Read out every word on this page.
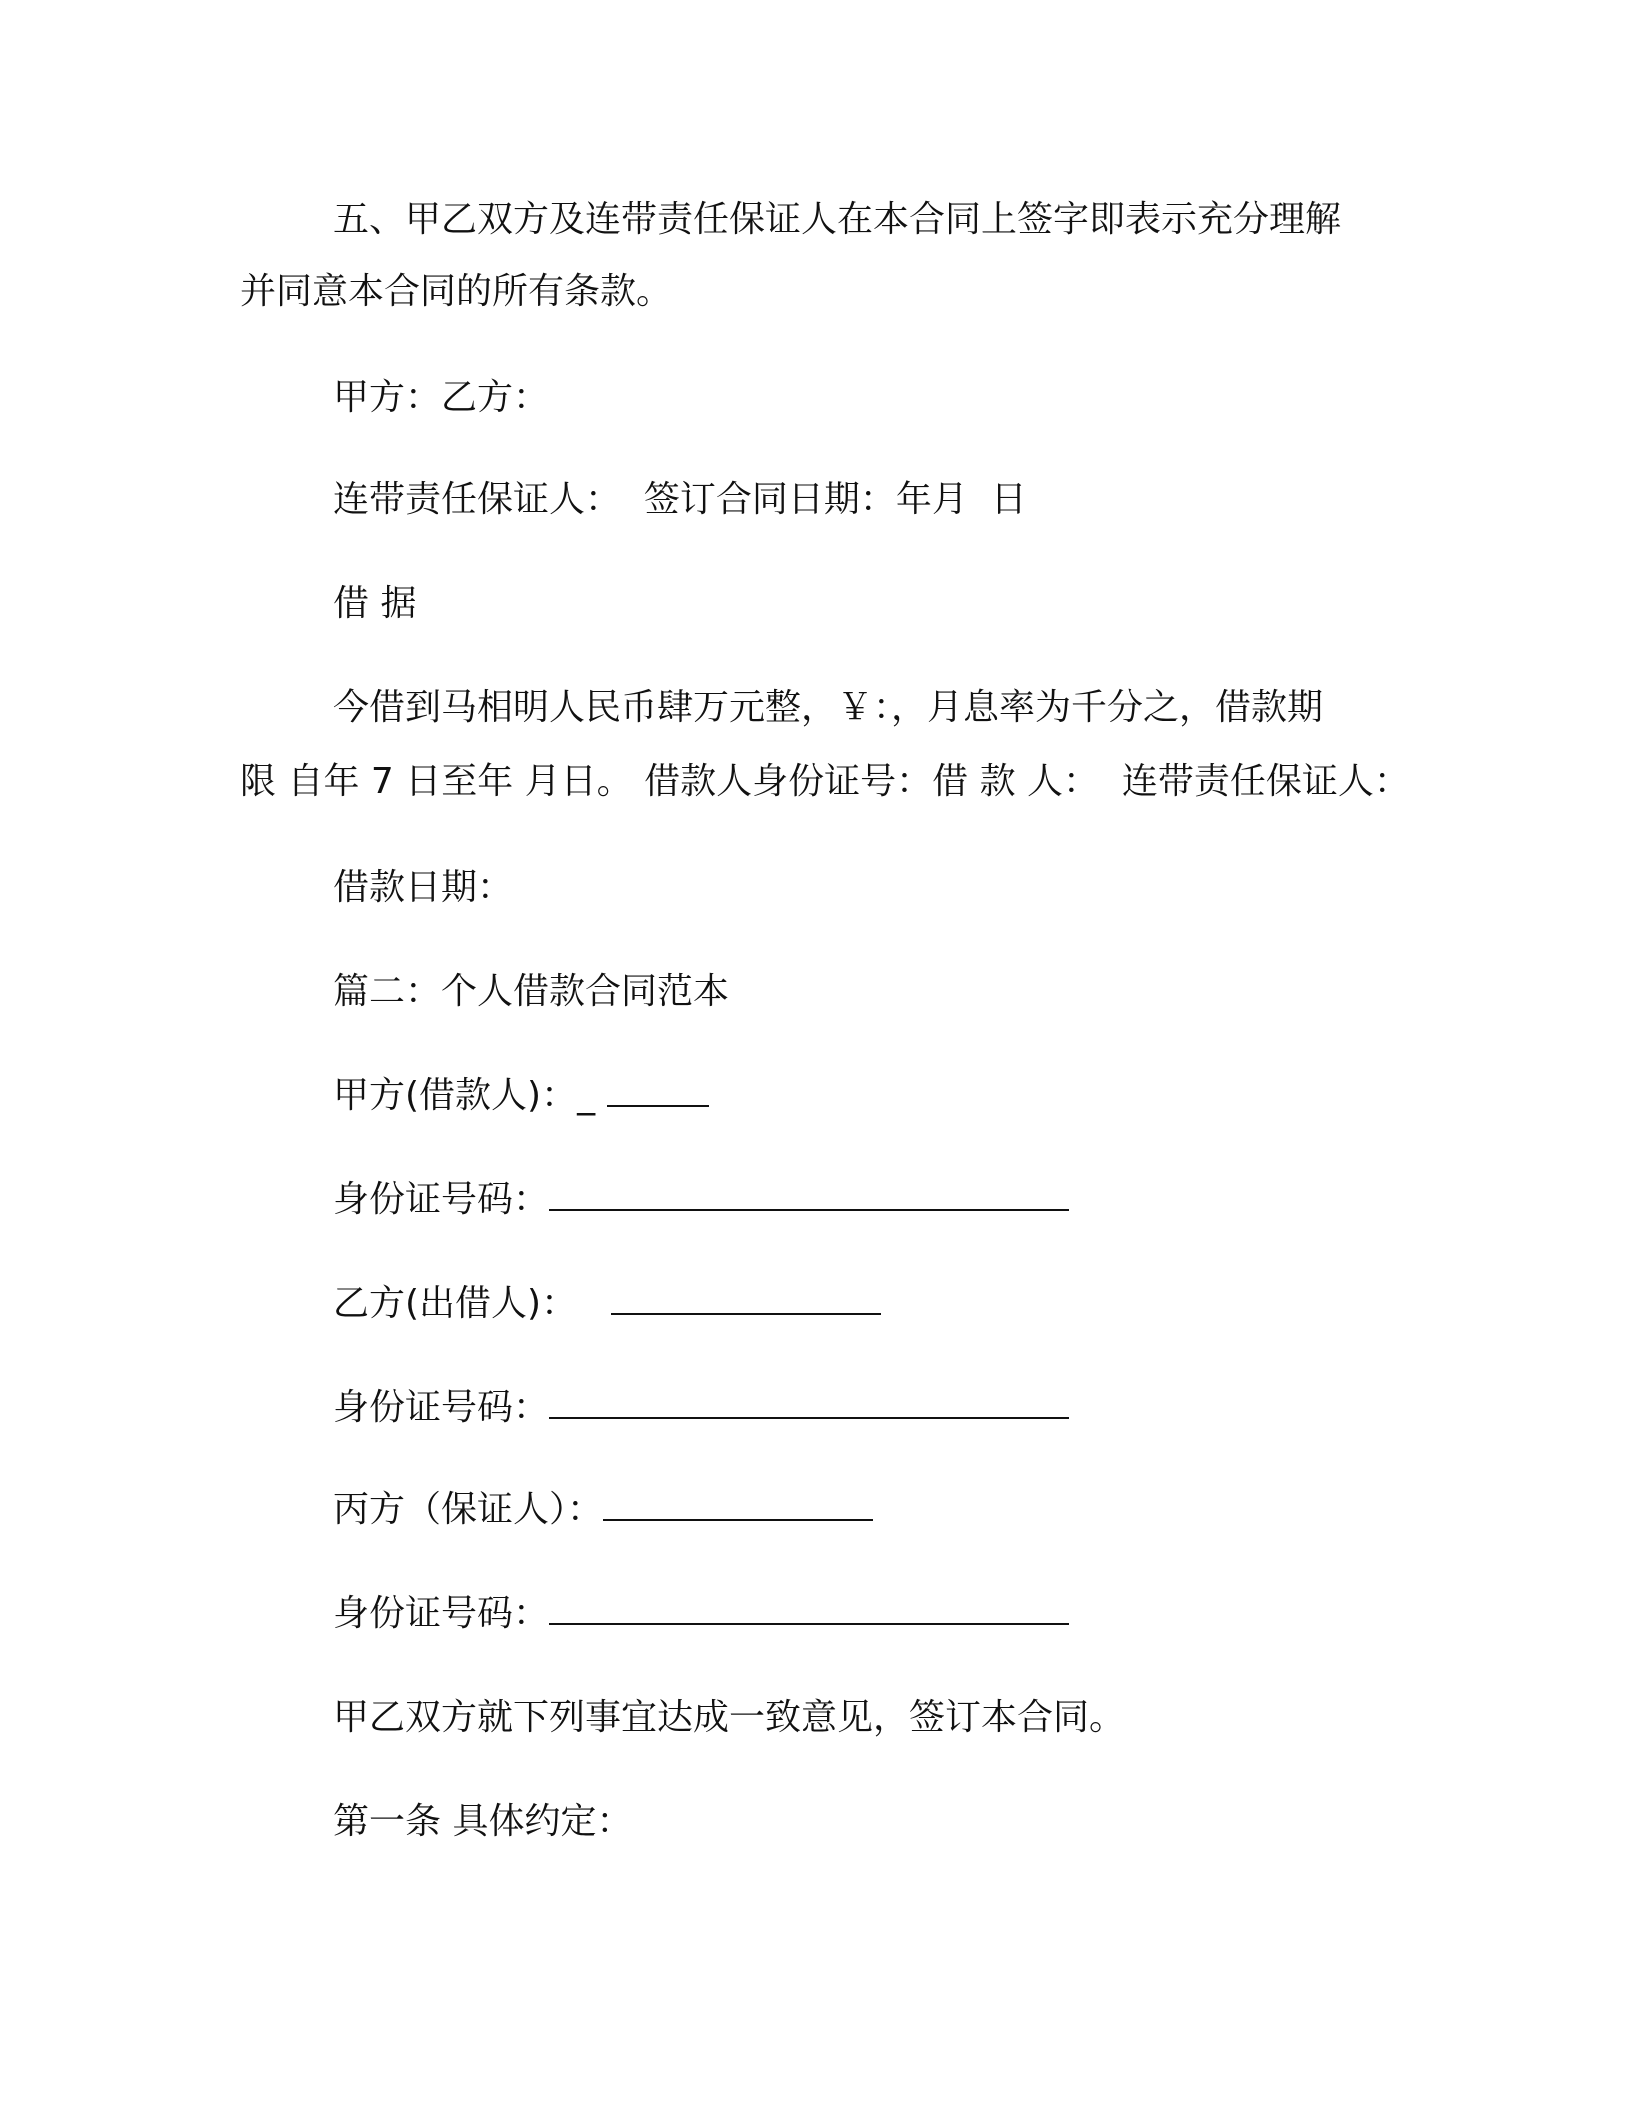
五、甲乙双方及连带责任保证人在本合同上签字即表示充分理解
并同意本合同的所有条款。
甲方：乙方：
连带责任保证人：  签订合同日期：年月  日
借 据
今借到马相明人民币肆万元整，￥：，月息率为千分之，借款期
限 自年 7 日至年 月日。 借款人身份证号：借 款 人：  连带责任保证人：
借款日期：
篇二：个人借款合同范本
甲方(借款人)：_
身份证号码：
乙方(出借人)：
身份证号码：
丙方（保证人）：
身份证号码：
甲乙双方就下列事宜达成一致意见，签订本合同。
第一条 具体约定：
